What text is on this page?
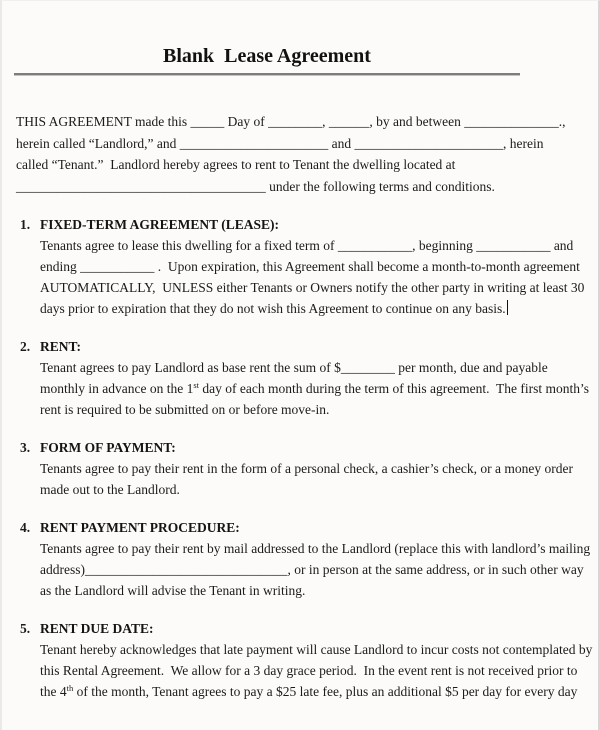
Blank  Lease Agreement
THIS AGREEMENT made this _____ Day of ________, ______, by and between ______________.,
herein called “Landlord,” and ______________________ and ______________________, herein
called “Tenant.”  Landlord hereby agrees to rent to Tenant the dwelling located at
_____________________________________ under the following terms and conditions.
1. FIXED-TERM AGREEMENT (LEASE):
Tenants agree to lease this dwelling for a fixed term of ___________, beginning ___________ and
ending ___________ .  Upon expiration, this Agreement shall become a month-to-month agreement
AUTOMATICALLY,  UNLESS either Tenants or Owners notify the other party in writing at least 30
days prior to expiration that they do not wish this Agreement to continue on any basis.
2. RENT:
Tenant agrees to pay Landlord as base rent the sum of $________ per month, due and payable
monthly in advance on the 1st day of each month during the term of this agreement.  The first month’s
rent is required to be submitted on or before move-in.
3. FORM OF PAYMENT:
Tenants agree to pay their rent in the form of a personal check, a cashier’s check, or a money order
made out to the Landlord.
4. RENT PAYMENT PROCEDURE:
Tenants agree to pay their rent by mail addressed to the Landlord (replace this with landlord’s mailing
address)______________________________, or in person at the same address, or in such other way
as the Landlord will advise the Tenant in writing.
5. RENT DUE DATE:
Tenant hereby acknowledges that late payment will cause Landlord to incur costs not contemplated by
this Rental Agreement.  We allow for a 3 day grace period.  In the event rent is not received prior to
the 4th of the month, Tenant agrees to pay a $25 late fee, plus an additional $5 per day for every day
